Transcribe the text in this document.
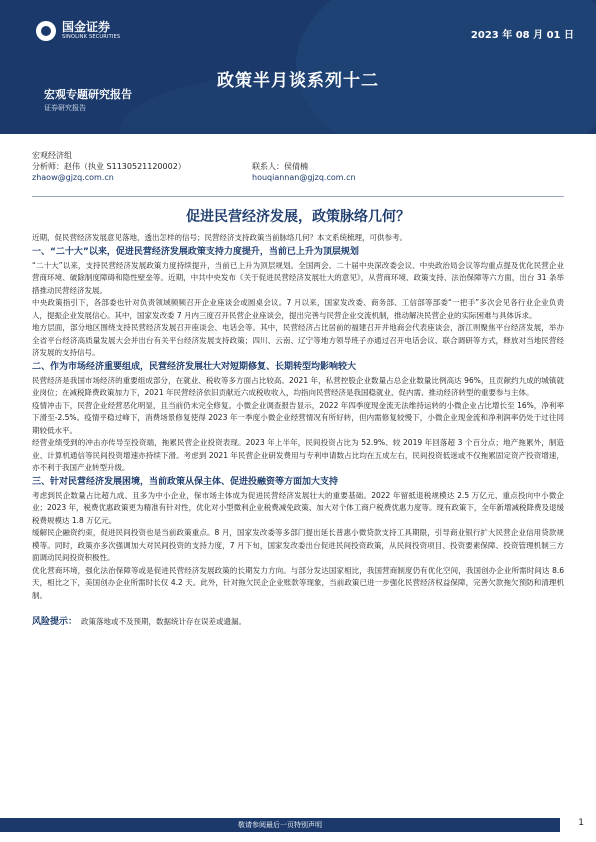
国金证券
SINOLINK SECURITIES	2023 年 08 月 01 日
政策半月谈系列十二
宏观专题研究报告
证券研究报告
宏观经济组
分析师：赵伟（执业 S1130521120002）	联系人：侯倩楠
zhaow@gjzq.com.cn	houqiannan@gjzq.com.cn
促进民营经济发展，政策脉络几何？

近期，促民营经济发展意见落地，透出怎样的信号；民营经济支持政策当前脉络几何？本文系统梳理，可供参考。

一、“二十大”以来，促进民营经济发展政策支持力度提升，当前已上升为顶层规划

“二十大”以来，支持民营经济发展政策力度持续提升，当前已上升为顶层规划。全国两会、二十届中央深改委会议、中央政治局会议等均重点提及优化民营企业营商环境、破除制度障碍和隐性壁垒等。近期，中共中央发布《关于促进民营经济发展壮大的意见》，从营商环境、政策支持、法治保障等六方面，出台 31 条举措推动民营经济发展。

中央政策指引下，各部委也针对负责领域频频召开企业座谈会或圆桌会议。7 月以来，国家发改委、商务部、工信部等部委“一把手”多次会见各行业企业负责人，提振企业发展信心。其中，国家发改委 7 月内三度召开民营企业座谈会，提出完善与民营企业交流机制，推动解决民营企业的实际困难与具体诉求。

地方层面，部分地区围绕支持民营经济发展召开座谈会、电话会等。其中，民营经济占比居前的福建召开并地商会代表座谈会，浙江则聚焦平台经济发展，举办全省平台经济高质量发展大会并出台有关平台经济发展支持政策；四川、云南、辽宁等地方领导班子亦通过召开电话会议、联合调研等方式，释放对当地民营经济发展的支持信号。

二、作为市场经济重要组成，民营经济发展壮大对短期修复、长期转型均影响较大

民营经济是我国市场经济的重要组成部分，在就业、税收等多方面占比较高。2021 年，私营控股企业数量占总企业数量比例高达 96%，且贡献约九成的城镇就业岗位；在减税降费政策加力下，2021 年民营经济依旧贡献近六成税收收入，均指向民营经济是我国稳就业、促内需、推动经济转型的重要参与主体。

疫情冲击下，民营企业经营恶化明显，且当前仍未完全修复。小微企业调查报告显示，2022 年四季度现金流无法维持运转的小微企业占比增长至 16%，净利率下滑至-2.5%。疫情平稳过峰下，消费场景修复使得 2023 年一季度小微企业经营情况有所好转，但内需修复较慢下，小微企业现金流和净利润率仍处于过往同期较低水平。

经营业绩受到的冲击亦传导至投资端，拖累民营企业投资表现。2023 年上半年，民间投资占比为 52.9%、较 2019 年回落超 3 个百分点；地产拖累外，制造业、计算机通信等民间投资增速亦持续下滑。考虑到 2021 年民营企业研发费用与专利申请数占比均在五成左右，民间投资低迷或不仅拖累固定资产投资增速，亦不利于我国产业转型升级。

三、针对民营经济发展困境，当前政策从保主体、促进投融资等方面加大支持

考虑到民企数量占比超九成、且多为中小企业，保市场主体成为促进民营经济发展壮大的重要基础。2022 年留抵退税规模达 2.5 万亿元、重点投向中小微企业；2023 年，税费优惠政策更为精准有针对性，优化对小型微利企业税费减免政策、加大对个体工商户税费优惠力度等。现有政策下，全年新增减税降费及退缓税费规模达 1.8 万亿元。

缓解民企融资约束，促进民间投资也是当前政策重点。8 月，国家发改委等多部门提出延长普惠小微贷款支持工具期限，引导商业银行扩大民营企业信用贷款规模等。同时，政策亦多次强调加大对民间投资的支持力度，7 月下旬，国家发改委出台促进民间投资政策，从民间投资项目、投资要素保障、投资管理机制三方面调动民间投资积极性。

优化营商环境，强化法治保障等或是促进民营经济发展政策的长期发力方向。与部分发达国家相比，我国营商制度仍有优化空间，我国创办企业所需时间达 8.6 天，相比之下，美国创办企业所需时长仅 4.2 天。此外，针对拖欠民企企业账款等现象，当前政策已进一步强化民营经济权益保障，完善欠款拖欠预防和清理机制。

风险提示： 政策落地或不及预期，数据统计存在误差或遗漏。

敬请参阅最后一页特别声明	1
